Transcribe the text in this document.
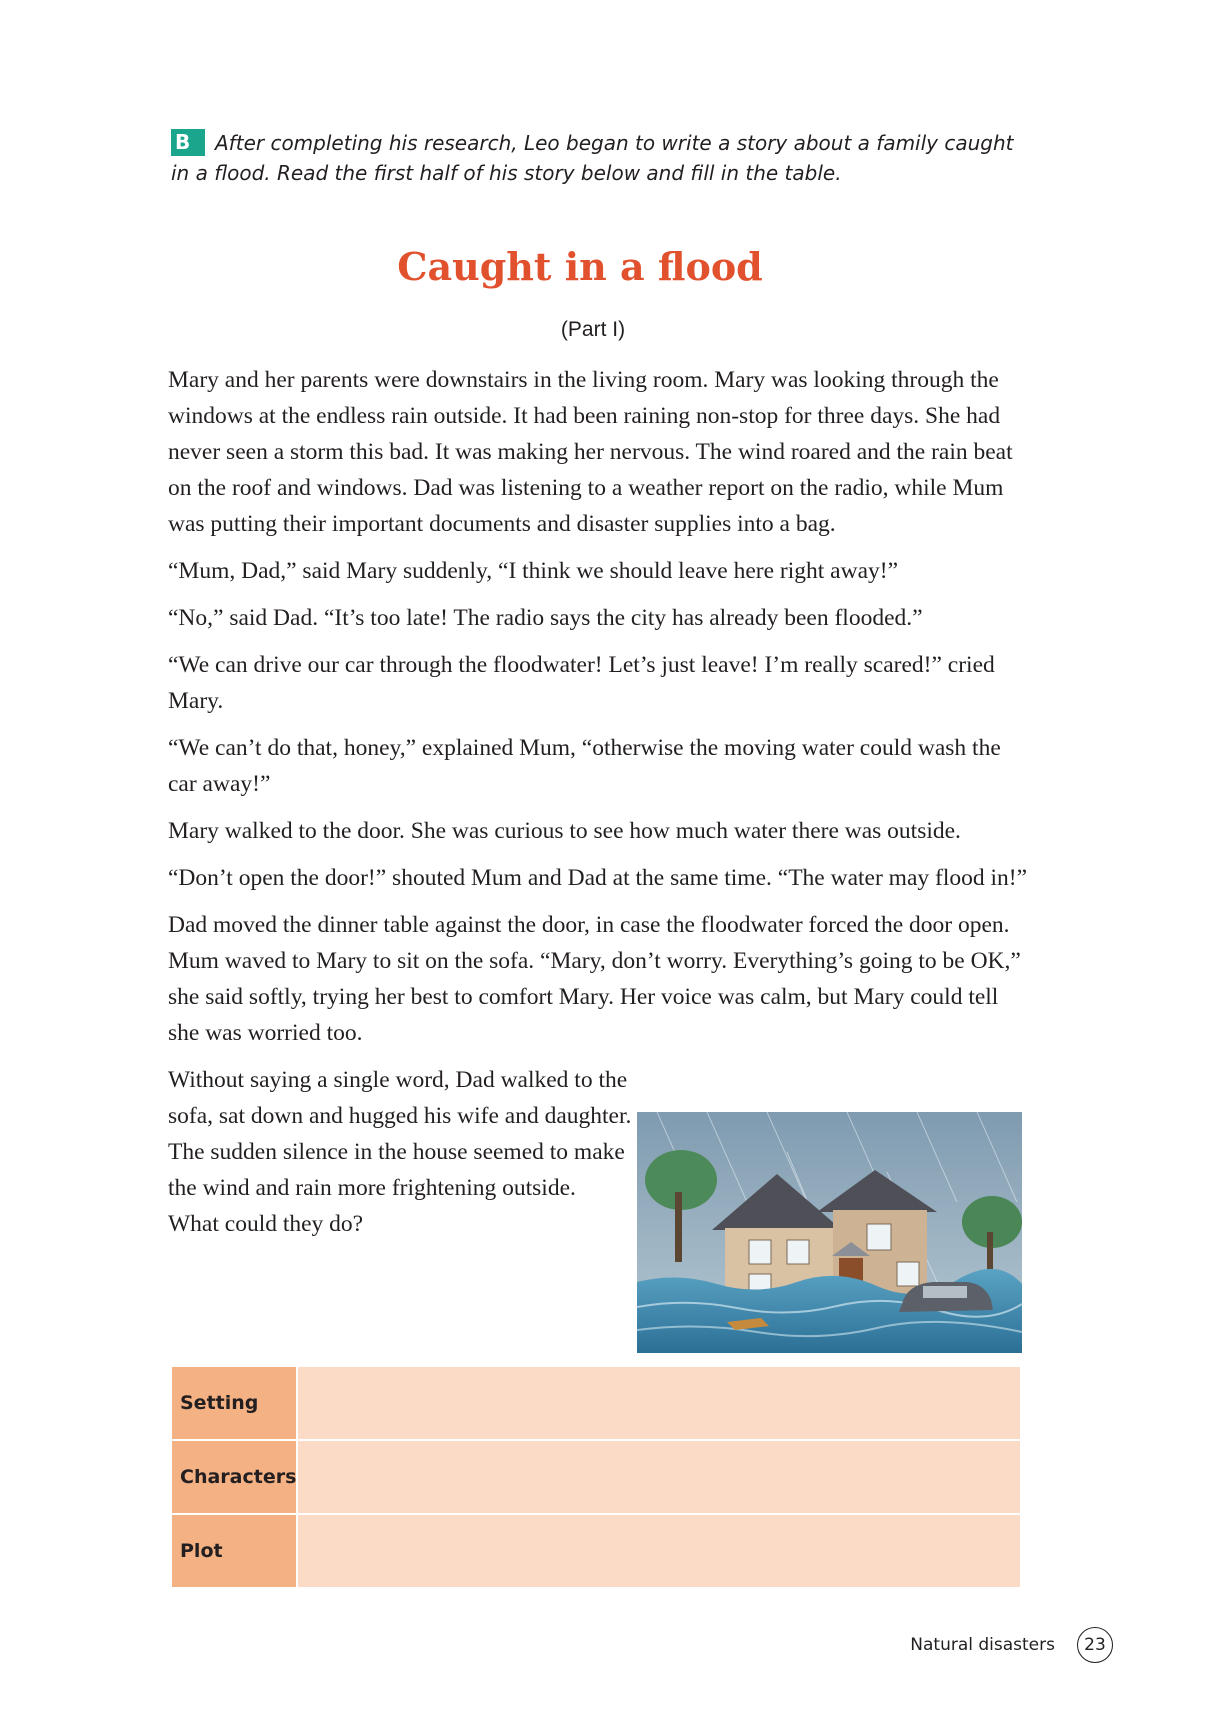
B After completing his research, Leo began to write a story about a family caught in a flood. Read the first half of his story below and fill in the table.
Caught in a flood
(Part I)

Mary and her parents were downstairs in the living room. Mary was looking through the windows at the endless rain outside. It had been raining non-stop for three days. She had never seen a storm this bad. It was making her nervous. The wind roared and the rain beat on the roof and windows. Dad was listening to a weather report on the radio, while Mum was putting their important documents and disaster supplies into a bag.

“Mum, Dad,” said Mary suddenly, “I think we should leave here right away!”

“No,” said Dad. “It’s too late! The radio says the city has already been flooded.”

“We can drive our car through the floodwater! Let’s just leave! I’m really scared!” cried Mary.

“We can’t do that, honey,” explained Mum, “otherwise the moving water could wash the car away!”

Mary walked to the door. She was curious to see how much water there was outside.

“Don’t open the door!” shouted Mum and Dad at the same time. “The water may flood in!”

Dad moved the dinner table against the door, in case the floodwater forced the door open. Mum waved to Mary to sit on the sofa. “Mary, don’t worry. Everything’s going to be OK,” she said softly, trying her best to comfort Mary. Her voice was calm, but Mary could tell she was worried too.

Without saying a single word, Dad walked to the sofa, sat down and hugged his wife and daughter. The sudden silence in the house seemed to make the wind and rain more frightening outside. What could they do?

Setting	
Characters	
Plot	
Natural disasters	23
